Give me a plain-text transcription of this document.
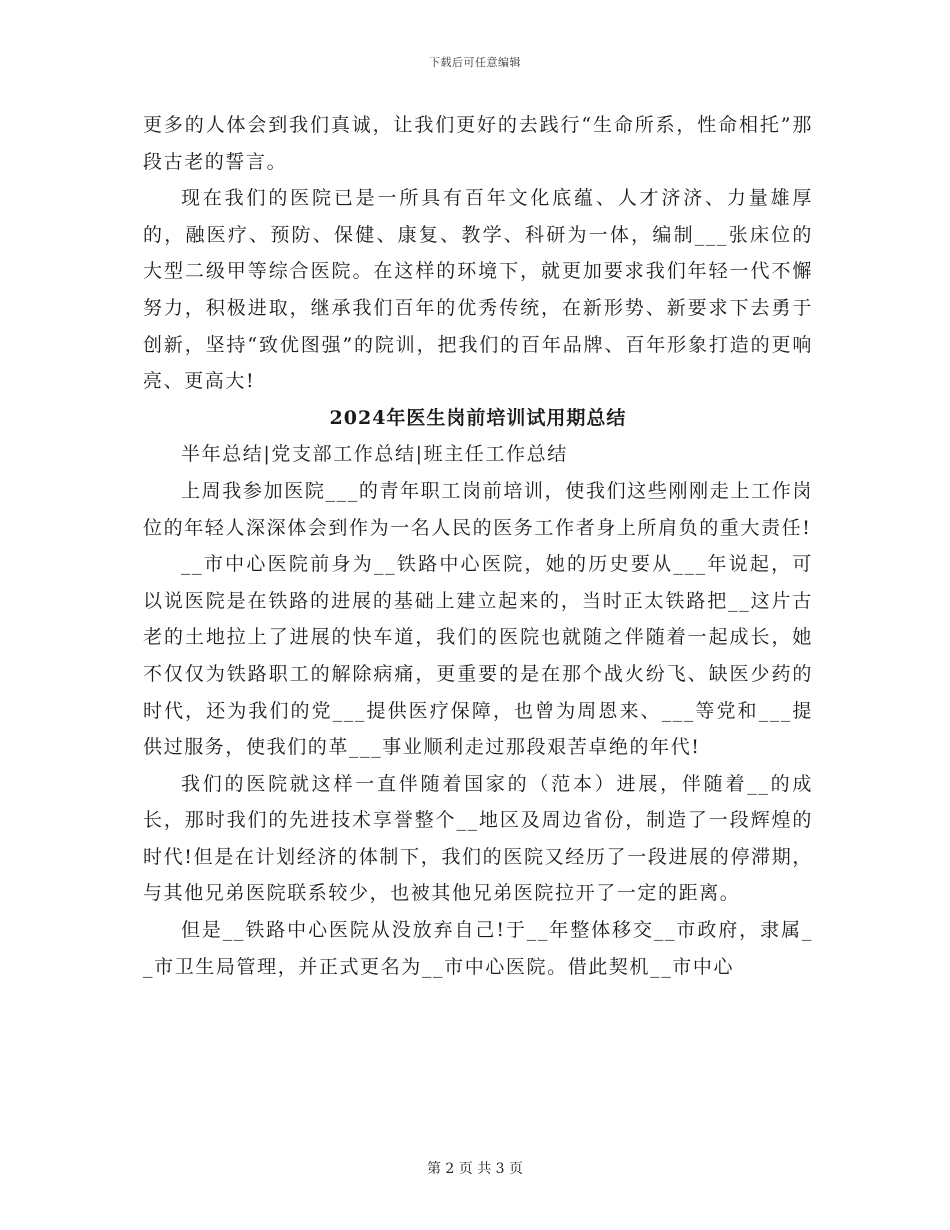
下载后可任意编辑

更多的人体会到我们真诚，让我们更好的去践行“生命所系，性命相托”那段古老的誓言。

现在我们的医院已是一所具有百年文化底蕴、人才济济、力量雄厚的，融医疗、预防、保健、康复、教学、科研为一体，编制___张床位的大型二级甲等综合医院。在这样的环境下，就更加要求我们年轻一代不懈努力，积极进取，继承我们百年的优秀传统，在新形势、新要求下去勇于创新，坚持“致优图强”的院训，把我们的百年品牌、百年形象打造的更响亮、更高大!

2024年医生岗前培训试用期总结

半年总结|党支部工作总结|班主任工作总结

上周我参加医院___的青年职工岗前培训，使我们这些刚刚走上工作岗位的年轻人深深体会到作为一名人民的医务工作者身上所肩负的重大责任!

__市中心医院前身为__铁路中心医院，她的历史要从___年说起，可以说医院是在铁路的进展的基础上建立起来的，当时正太铁路把__这片古老的土地拉上了进展的快车道，我们的医院也就随之伴随着一起成长，她不仅仅为铁路职工的解除病痛，更重要的是在那个战火纷飞、缺医少药的时代，还为我们的党___提供医疗保障，也曾为周恩来、___等党和___提供过服务，使我们的革___事业顺利走过那段艰苦卓绝的年代!

我们的医院就这样一直伴随着国家的（范本）进展，伴随着__的成长，那时我们的先进技术享誉整个__地区及周边省份，制造了一段辉煌的时代!但是在计划经济的体制下，我们的医院又经历了一段进展的停滞期，与其他兄弟医院联系较少，也被其他兄弟医院拉开了一定的距离。

但是__铁路中心医院从没放弃自己!于__年整体移交__市政府，隶属__市卫生局管理，并正式更名为__市中心医院。借此契机__市中心

第 2 页 共 3 页
